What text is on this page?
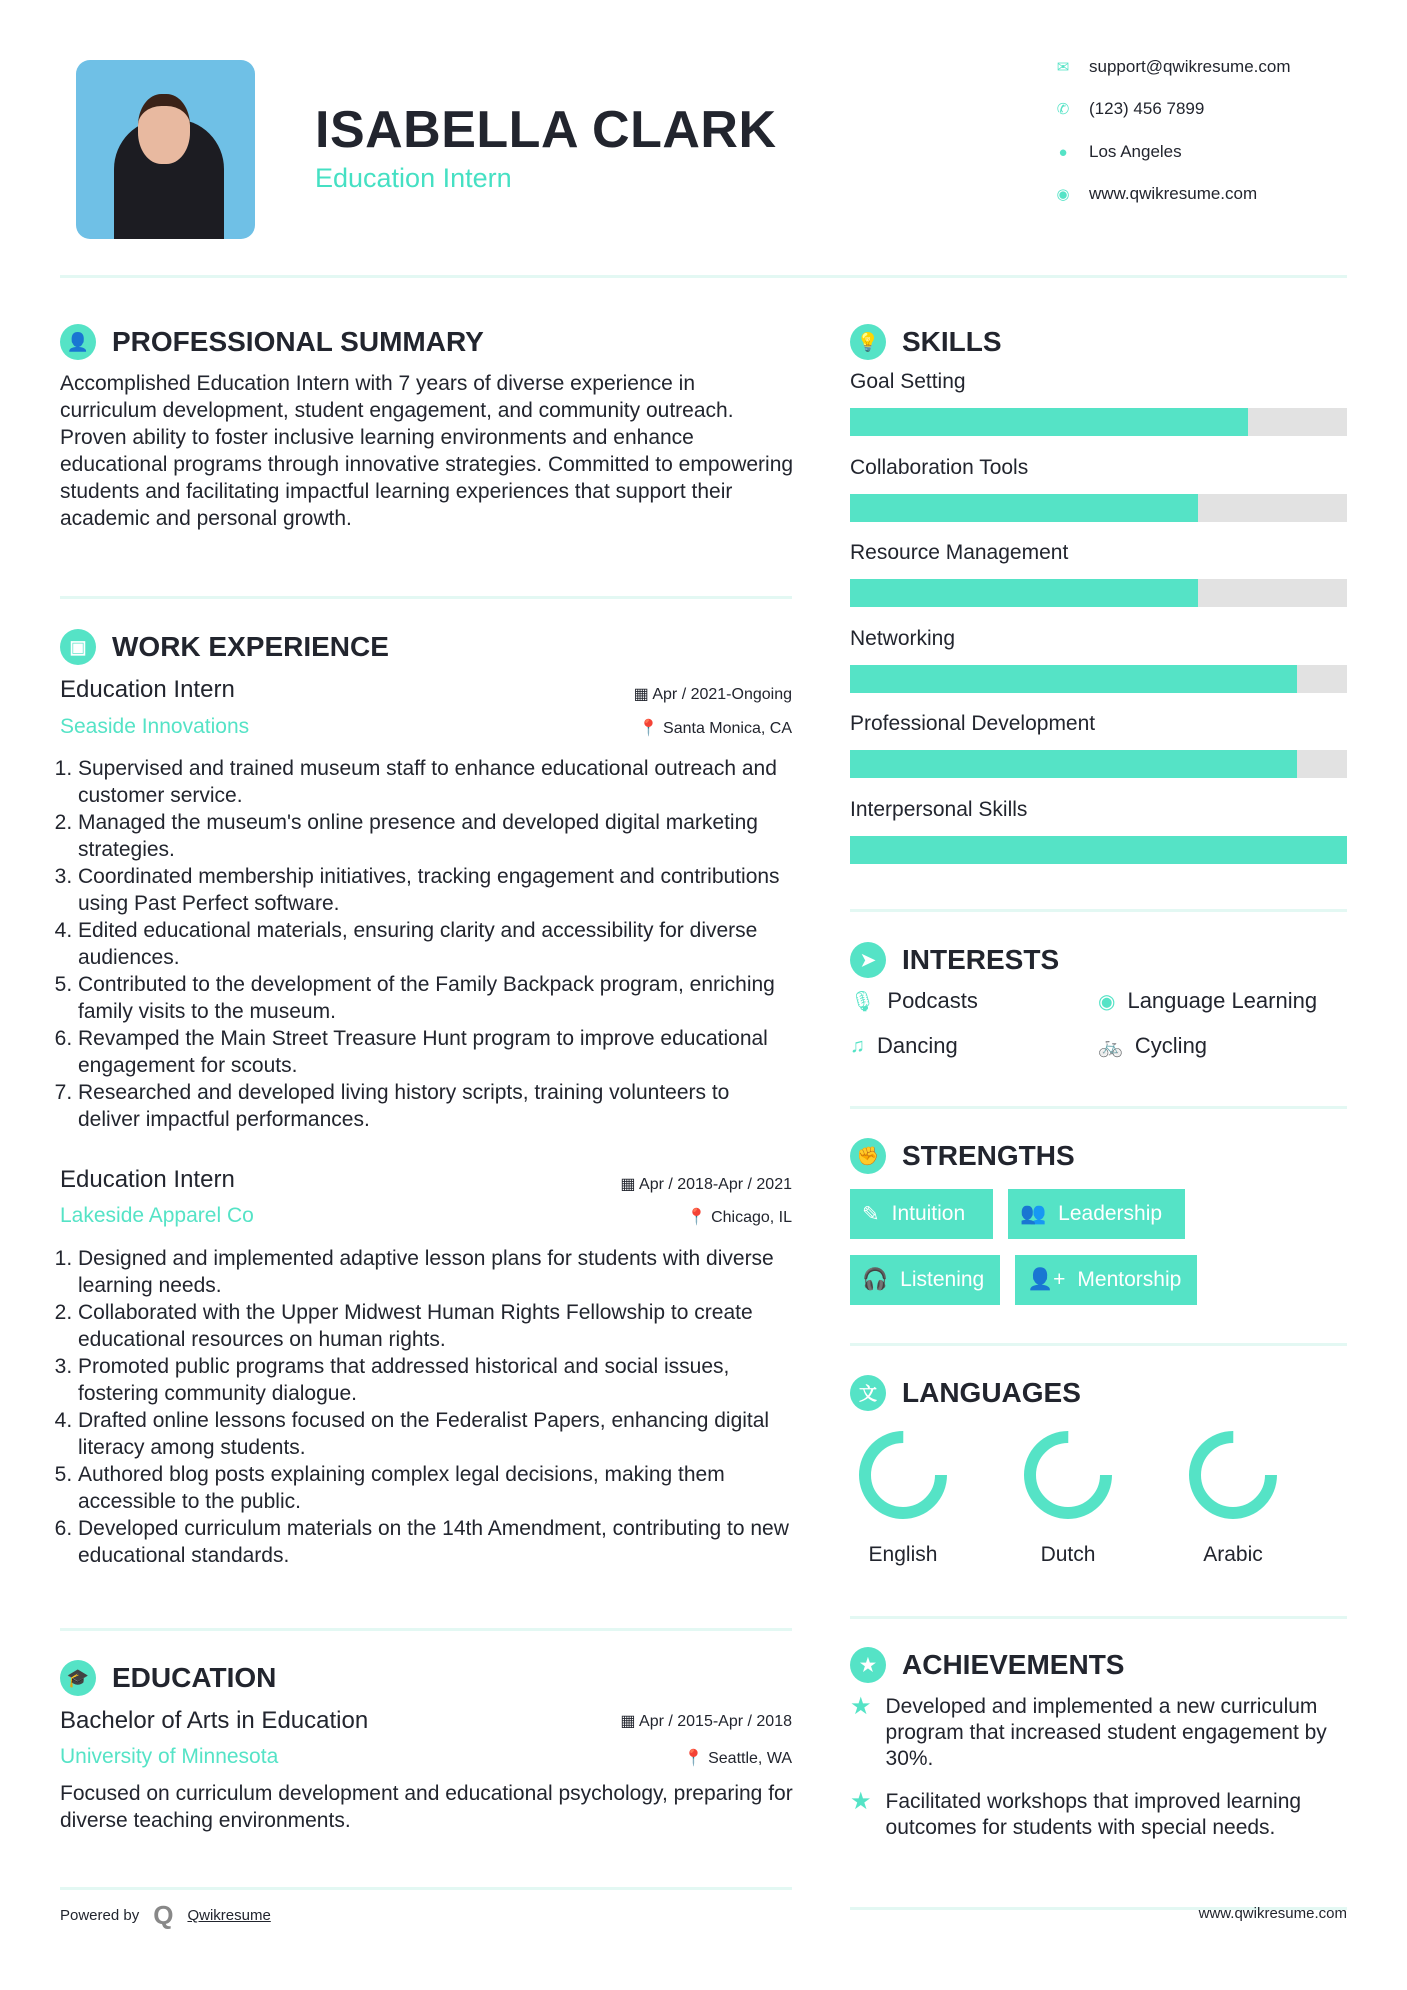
ISABELLA CLARK
Education Intern
✉ support@qwikresume.com
✆ (123) 456 7899
● Los Angeles
◉ www.qwikresume.com
👤 PROFESSIONAL SUMMARY
Accomplished Education Intern with 7 years of diverse experience in curriculum development, student engagement, and community outreach. Proven ability to foster inclusive learning environments and enhance educational programs through innovative strategies. Committed to empowering students and facilitating impactful learning experiences that support their academic and personal growth.
▣ WORK EXPERIENCE
Education Intern	▦ Apr / 2021-Ongoing
Seaside Innovations	📍 Santa Monica, CA
1. Supervised and trained museum staff to enhance educational outreach and customer service.
2. Managed the museum's online presence and developed digital marketing strategies.
3. Coordinated membership initiatives, tracking engagement and contributions using Past Perfect software.
4. Edited educational materials, ensuring clarity and accessibility for diverse audiences.
5. Contributed to the development of the Family Backpack program, enriching family visits to the museum.
6. Revamped the Main Street Treasure Hunt program to improve educational engagement for scouts.
7. Researched and developed living history scripts, training volunteers to deliver impactful performances.
Education Intern	▦ Apr / 2018-Apr / 2021
Lakeside Apparel Co	📍 Chicago, IL
1. Designed and implemented adaptive lesson plans for students with diverse learning needs.
2. Collaborated with the Upper Midwest Human Rights Fellowship to create educational resources on human rights.
3. Promoted public programs that addressed historical and social issues, fostering community dialogue.
4. Drafted online lessons focused on the Federalist Papers, enhancing digital literacy among students.
5. Authored blog posts explaining complex legal decisions, making them accessible to the public.
6. Developed curriculum materials on the 14th Amendment, contributing to new educational standards.
🎓 EDUCATION
Bachelor of Arts in Education	▦ Apr / 2015-Apr / 2018
University of Minnesota	📍 Seattle, WA
Focused on curriculum development and educational psychology, preparing for diverse teaching environments.
Powered by Q Qwikresume
💡 SKILLS
Goal Setting
Collaboration Tools
Resource Management
Networking
Professional Development
Interpersonal Skills
➤ INTERESTS
🎙 Podcasts	◉ Language Learning
♫ Dancing	🚲 Cycling
✊ STRENGTHS
✎ Intuition	👥 Leadership
🎧 Listening 👤+ Mentorship
文 LANGUAGES
English	Dutch	Arabic
★ ACHIEVEMENTS
★ Developed and implemented a new curriculum program that increased student engagement by 30%.
★ Facilitated workshops that improved learning outcomes for students with special needs.
www.qwikresume.com
